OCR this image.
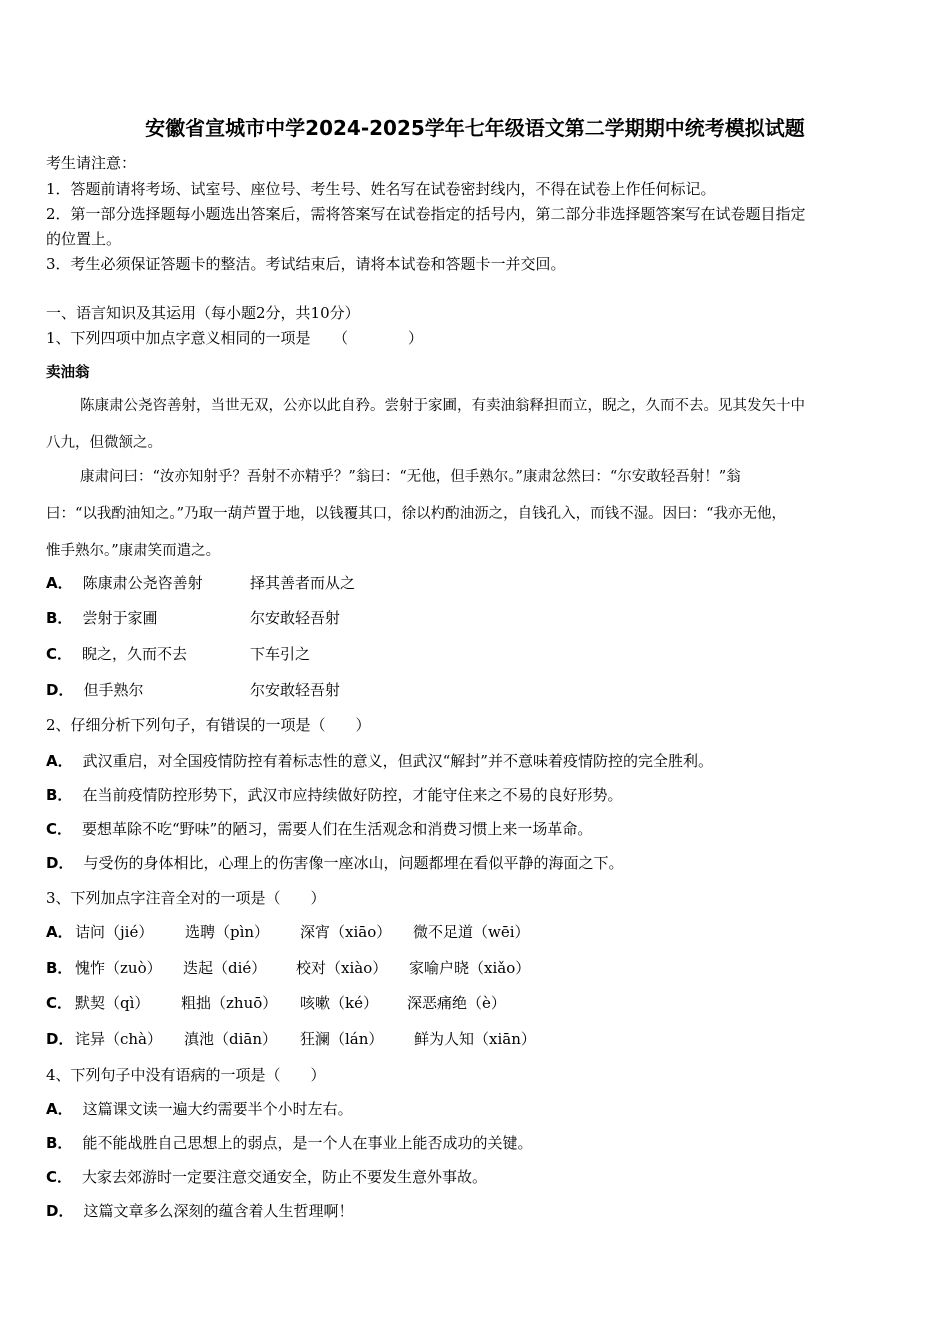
安徽省宣城市中学2024-2025学年七年级语文第二学期期中统考模拟试题
考生请注意：
1．答题前请将考场、试室号、座位号、考生号、姓名写在试卷密封线内，不得在试卷上作任何标记。
2．第一部分选择题每小题选出答案后，需将答案写在试卷指定的括号内，第二部分非选择题答案写在试卷题目指定
的位置上。
3．考生必须保证答题卡的整洁。考试结束后，请将本试卷和答题卡一并交回。
一、语言知识及其运用（每小题2分，共10分）
1、下列四项中加点字意义相同的一项是　　（　　　　）
卖油翁
陈康肃公尧咨善射，当世无双，公亦以此自矜。尝射于家圃，有卖油翁释担而立，睨之，久而不去。见其发矢十中
八九，但微颔之。
康肃问曰：“汝亦知射乎？吾射不亦精乎？”翁曰：“无他，但手熟尔。”康肃忿然曰：“尔安敢轻吾射！”翁
曰：“以我酌油知之。”乃取一葫芦置于地，以钱覆其口，徐以杓酌油沥之，自钱孔入，而钱不湿。因曰：“我亦无他，
惟手熟尔。”康肃笑而遣之。
A． 陈康肃公尧咨善射	择其善者而从之
B． 尝射于家圃	尔安敢轻吾射
C． 睨之，久而不去	下车引之
D． 但手熟尔	尔安敢轻吾射
2、仔细分析下列句子，有错误的一项是（　　）
A． 武汉重启，对全国疫情防控有着标志性的意义，但武汉“解封”并不意味着疫情防控的完全胜利。
B． 在当前疫情防控形势下，武汉市应持续做好防控，才能守住来之不易的良好形势。
C． 要想革除不吃“野味”的陋习，需要人们在生活观念和消费习惯上来一场革命。
D． 与受伤的身体相比，心理上的伤害像一座冰山，问题都埋在看似平静的海面之下。
3、下列加点字注音全对的一项是（　　）
A． 诘问（jié） 选聘（pìn） 深宵（xiāo） 微不足道（wēi）
B． 愧怍（zuò） 迭起（dié） 校对（xiào） 家喻户晓（xiǎo）
C． 默契（qì） 粗拙（zhuō） 咳嗽（ké） 深恶痛绝（è）
D． 诧异（chà） 滇池（diān） 狂澜（lán） 鲜为人知（xiān）
4、下列句子中没有语病的一项是（　　）
A． 这篇课文读一遍大约需要半个小时左右。
B． 能不能战胜自己思想上的弱点，是一个人在事业上能否成功的关键。
C． 大家去郊游时一定要注意交通安全，防止不要发生意外事故。
D． 这篇文章多么深刻的蕴含着人生哲理啊！
